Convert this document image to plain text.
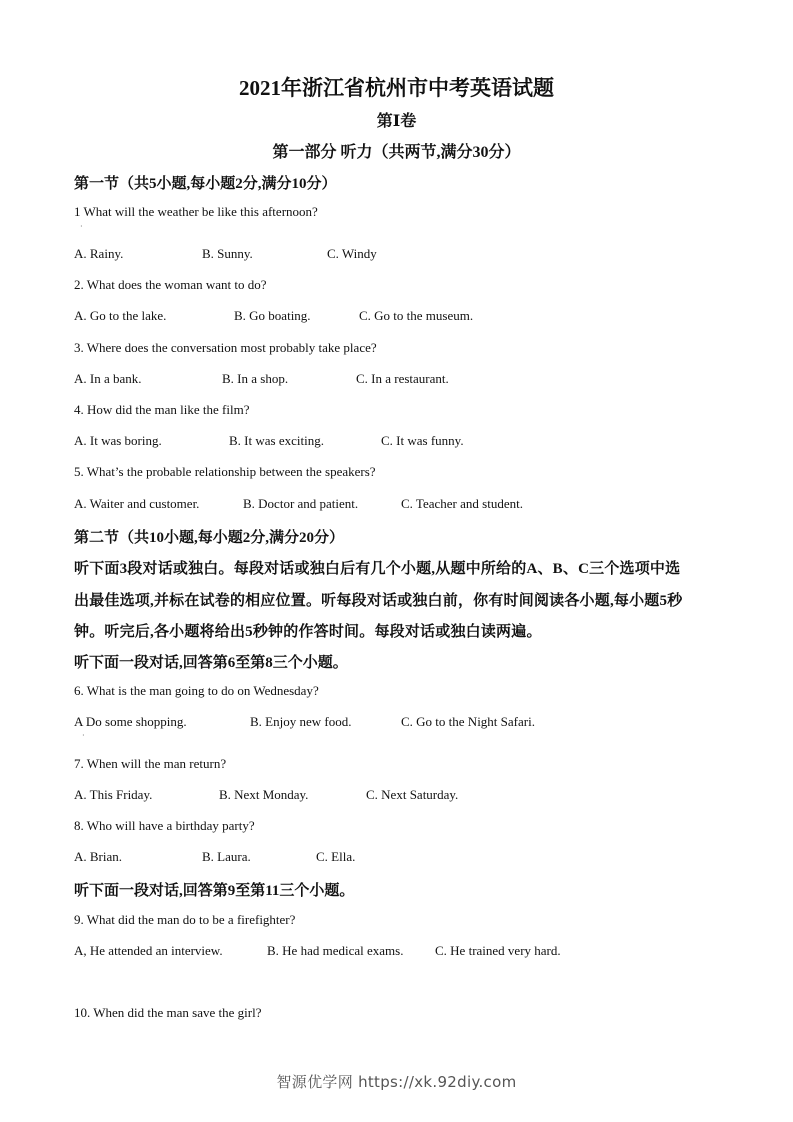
2021年浙江省杭州市中考英语试题
第Ⅰ卷
第一部分 听力（共两节,满分30分）
第一节（共5小题,每小题2分,满分10分）
1 What will the weather be like this afternoon?
·
A. Rainy.	B. Sunny.	C. Windy
2. What does the woman want to do?
A. Go to the lake.	B. Go boating.	C. Go to the museum.
3. Where does the conversation most probably take place?
A. In a bank.	B. In a shop.	C. In a restaurant.
4. How did the man like the film?
A. It was boring.	B. It was exciting.	C. It was funny.
5. What’s the probable relationship between the speakers?
A. Waiter and customer.	B. Doctor and patient.	C. Teacher and student.
第二节（共10小题,每小题2分,满分20分）
听下面3段对话或独白。每段对话或独白后有几个小题,从题中所给的A、B、C三个选项中选
出最佳选项,并标在试卷的相应位置。听每段对话或独白前，你有时间阅读各小题,每小题5秒
钟。听完后,各小题将给出5秒钟的作答时间。每段对话或独白读两遍。
听下面一段对话,回答第6至第8三个小题。
6. What is the man going to do on Wednesday?
A Do some shopping.	B. Enjoy new food.	C. Go to the Night Safari.
·
7. When will the man return?
A. This Friday.	B. Next Monday.	C. Next Saturday.
8. Who will have a birthday party?
A. Brian.	B. Laura.	C. Ella.
听下面一段对话,回答第9至第11三个小题。
9. What did the man do to be a firefighter?
A, He attended an interview.	B. He had medical exams. C. He trained very hard.
10. When did the man save the girl?
智源优学网 https://xk.92diy.com
